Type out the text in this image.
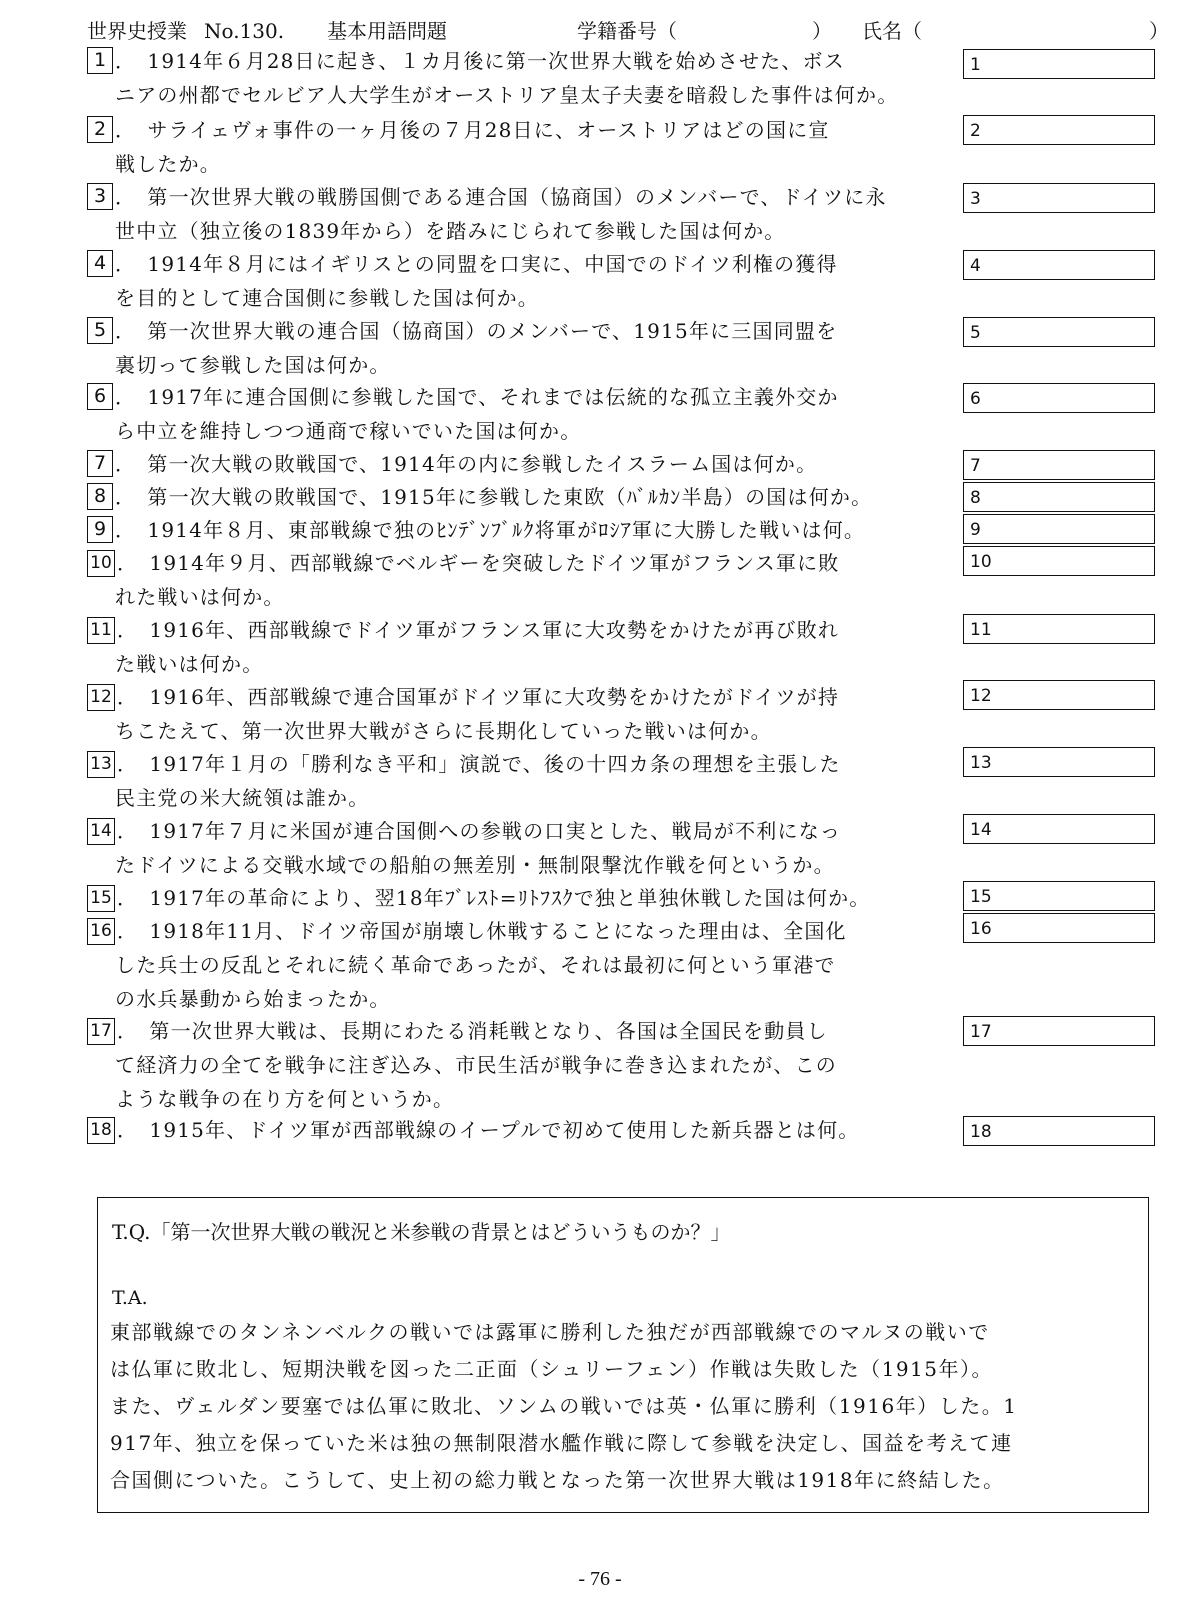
世界史授業 No.130. 基本用語問題	学籍番号（	） 氏名（	）
1 ．　1914年６月28日に起き、１カ月後に第一次世界大戦を始めさせた、ボス
ニアの州都でセルビア人大学生がオーストリア皇太子夫妻を暗殺した事件は何か。
1
2 ．　サライェヴォ事件の一ヶ月後の７月28日に、オーストリアはどの国に宣
戦したか。
2
3 ．　第一次世界大戦の戦勝国側である連合国（協商国）のメンバーで、ドイツに永
世中立（独立後の1839年から）を踏みにじられて参戦した国は何か。
3
4 ．　1914年８月にはイギリスとの同盟を口実に、中国でのドイツ利権の獲得
を目的として連合国側に参戦した国は何か。
4
5 ．　第一次世界大戦の連合国（協商国）のメンバーで、1915年に三国同盟を
裏切って参戦した国は何か。
5
6 ．　1917年に連合国側に参戦した国で、それまでは伝統的な孤立主義外交か
ら中立を維持しつつ通商で稼いでいた国は何か。
6
7 ．　第一次大戦の敗戦国で、1914年の内に参戦したイスラーム国は何か。	7
8 ．　第一次大戦の敗戦国で、1915年に参戦した東欧（ﾊﾞﾙｶﾝ半島）の国は何か。	8
9 ．　1914年８月、東部戦線で独のﾋﾝﾃﾞﾝﾌﾞﾙｸ将軍がﾛｼｱ軍に大勝した戦いは何。	9
10 ．　1914年９月、西部戦線でベルギーを突破したドイツ軍がフランス軍に敗
れた戦いは何か。
10
11 ．　1916年、西部戦線でドイツ軍がフランス軍に大攻勢をかけたが再び敗れ
た戦いは何か。
11
12 ．　1916年、西部戦線で連合国軍がドイツ軍に大攻勢をかけたがドイツが持
ちこたえて、第一次世界大戦がさらに長期化していった戦いは何か。
12
13 ．　1917年１月の「勝利なき平和」演説で、後の十四カ条の理想を主張した
民主党の米大統領は誰か。
13
14 ．　1917年７月に米国が連合国側への参戦の口実とした、戦局が不利になっ
たドイツによる交戦水域での船舶の無差別・無制限撃沈作戦を何というか。
14
15 ．　1917年の革命により、翌18年ﾌﾞﾚｽﾄ=ﾘﾄﾌｽｸで独と単独休戦した国は何か。	15
16 ．　1918年11月、ドイツ帝国が崩壊し休戦することになった理由は、全国化
した兵士の反乱とそれに続く革命であったが、それは最初に何という軍港で
の水兵暴動から始まったか。
16
17 ．　第一次世界大戦は、長期にわたる消耗戦となり、各国は全国民を動員し
て経済力の全てを戦争に注ぎ込み、市民生活が戦争に巻き込まれたが、この
ような戦争の在り方を何というか。
17
18 ．　1915年、ドイツ軍が西部戦線のイープルで初めて使用した新兵器とは何。	18
T.Q.「第一次世界大戦の戦況と米参戦の背景とはどういうものか？」
T.A.
東部戦線でのタンネンベルクの戦いでは露軍に勝利した独だが西部戦線でのマルヌの戦いで
は仏軍に敗北し、短期決戦を図った二正面（シュリーフェン）作戦は失敗した（1915年）。
また、ヴェルダン要塞では仏軍に敗北、ソンムの戦いでは英・仏軍に勝利（1916年）した。1
917年、独立を保っていた米は独の無制限潜水艦作戦に際して参戦を決定し、国益を考えて連
合国側についた。こうして、史上初の総力戦となった第一次世界大戦は1918年に終結した。
- 76 -
